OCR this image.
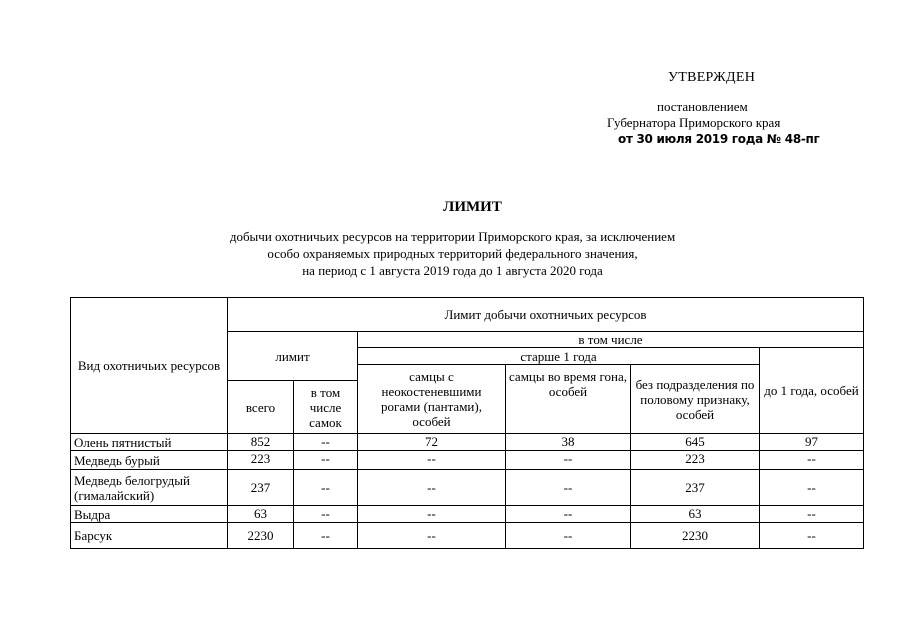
УТВЕРЖДЕН
постановлением
Губернатора Приморского края
от 30 июля 2019 года № 48-пг
ЛИМИТ
добычи охотничьих ресурсов на территории Приморского края, за исключением
особо охраняемых природных территорий федерального значения,
на период с 1 августа 2019 года до 1 августа 2020 года
Вид охотничьих ресурсов	Лимит добычи охотничьих ресурсов					
	лимит		в том числе			
			старше 1 года			до 1 года, особей
			самцы с неокостеневшими рогами (пантами), особей	самцы во время гона, особей	без подразделения по половому признаку, особей	
	всего	в том числе самок				
Олень пятнистый	852	--	72	38	645	97
Медведь бурый	223	--	--	--	223	--
Медведь белогрудый (гималайский)	237	--	--	--	237	--
Выдра	63	--	--	--	63	--
Барсук	2230	--	--	--	2230	--
